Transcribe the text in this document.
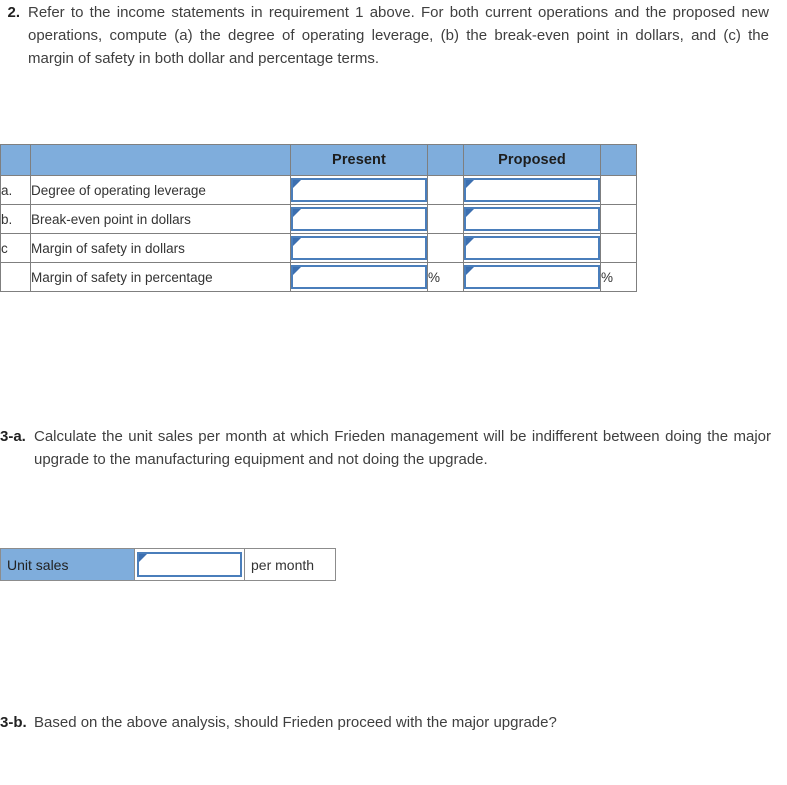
2. Refer to the income statements in requirement 1 above. For both current operations and the proposed new operations, compute (a) the degree of operating leverage, (b) the break-even point in dollars, and (c) the margin of safety in both dollar and percentage terms.
		Present		Proposed	
a.	Degree of operating leverage	

b.	Break-even point in dollars	

c	Margin of safety in dollars	

	Margin of safety in percentage		%		%
3-a. Calculate the unit sales per month at which Frieden management will be indifferent between doing the major upgrade to the manufacturing equipment and not doing the upgrade.
Unit sales		per month
3-b. Based on the above analysis, should Frieden proceed with the major upgrade?
